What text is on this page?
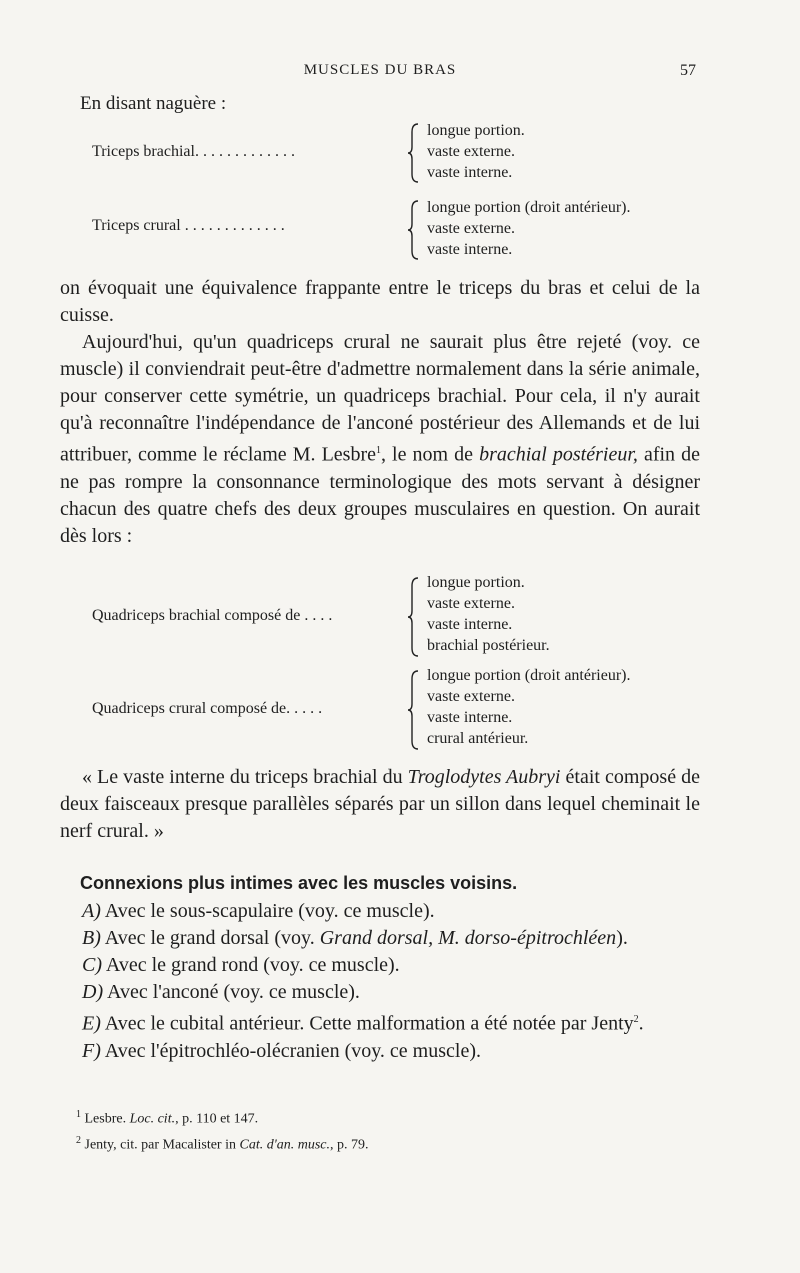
MUSCLES DU BRAS	57
En disant naguère :
Triceps brachial. . . . . . . . . . . . .
longue portion.
vaste externe.
vaste interne.
Triceps crural . . . . . . . . . . . . .
longue portion (droit antérieur).
vaste externe.
vaste interne.

on évoquait une équivalence frappante entre le triceps du bras et celui de la cuisse.

Aujourd'hui, qu'un quadriceps crural ne saurait plus être rejeté (voy. ce muscle) il conviendrait peut-être d'admettre normalement dans la série animale, pour conserver cette symétrie, un quadriceps brachial. Pour cela, il n'y aurait qu'à reconnaître l'indépendance de l'anconé postérieur des Allemands et de lui attribuer, comme le réclame M. Lesbre$^1$, le nom de brachial postérieur, afin de ne pas rompre la consonnance terminologique des mots servant à désigner chacun des quatre chefs des deux groupes musculaires en question. On aurait dès lors :

Quadriceps brachial composé de . . . .
longue portion.
vaste externe.
vaste interne.
brachial postérieur.
Quadriceps crural composé de. . . . .
longue portion (droit antérieur).
vaste externe.
vaste interne.
crural antérieur.

« Le vaste interne du triceps brachial du Troglodytes Aubryi était composé de deux faisceaux presque parallèles séparés par un sillon dans lequel cheminait le nerf crural. »

Connexions plus intimes avec les muscles voisins.

A) Avec le sous-scapulaire (voy. ce muscle).

B) Avec le grand dorsal (voy. Grand dorsal, M. dorso-épitrochléen).

C) Avec le grand rond (voy. ce muscle).

D) Avec l'anconé (voy. ce muscle).

E) Avec le cubital antérieur. Cette malformation a été notée par Jenty$^2$.

F) Avec l'épitrochléo-olécranien (voy. ce muscle).

$^1$ Lesbre. Loc. cit., p. 110 et 147.
$^2$ Jenty, cit. par Macalister in Cat. d'an. musc., p. 79.
